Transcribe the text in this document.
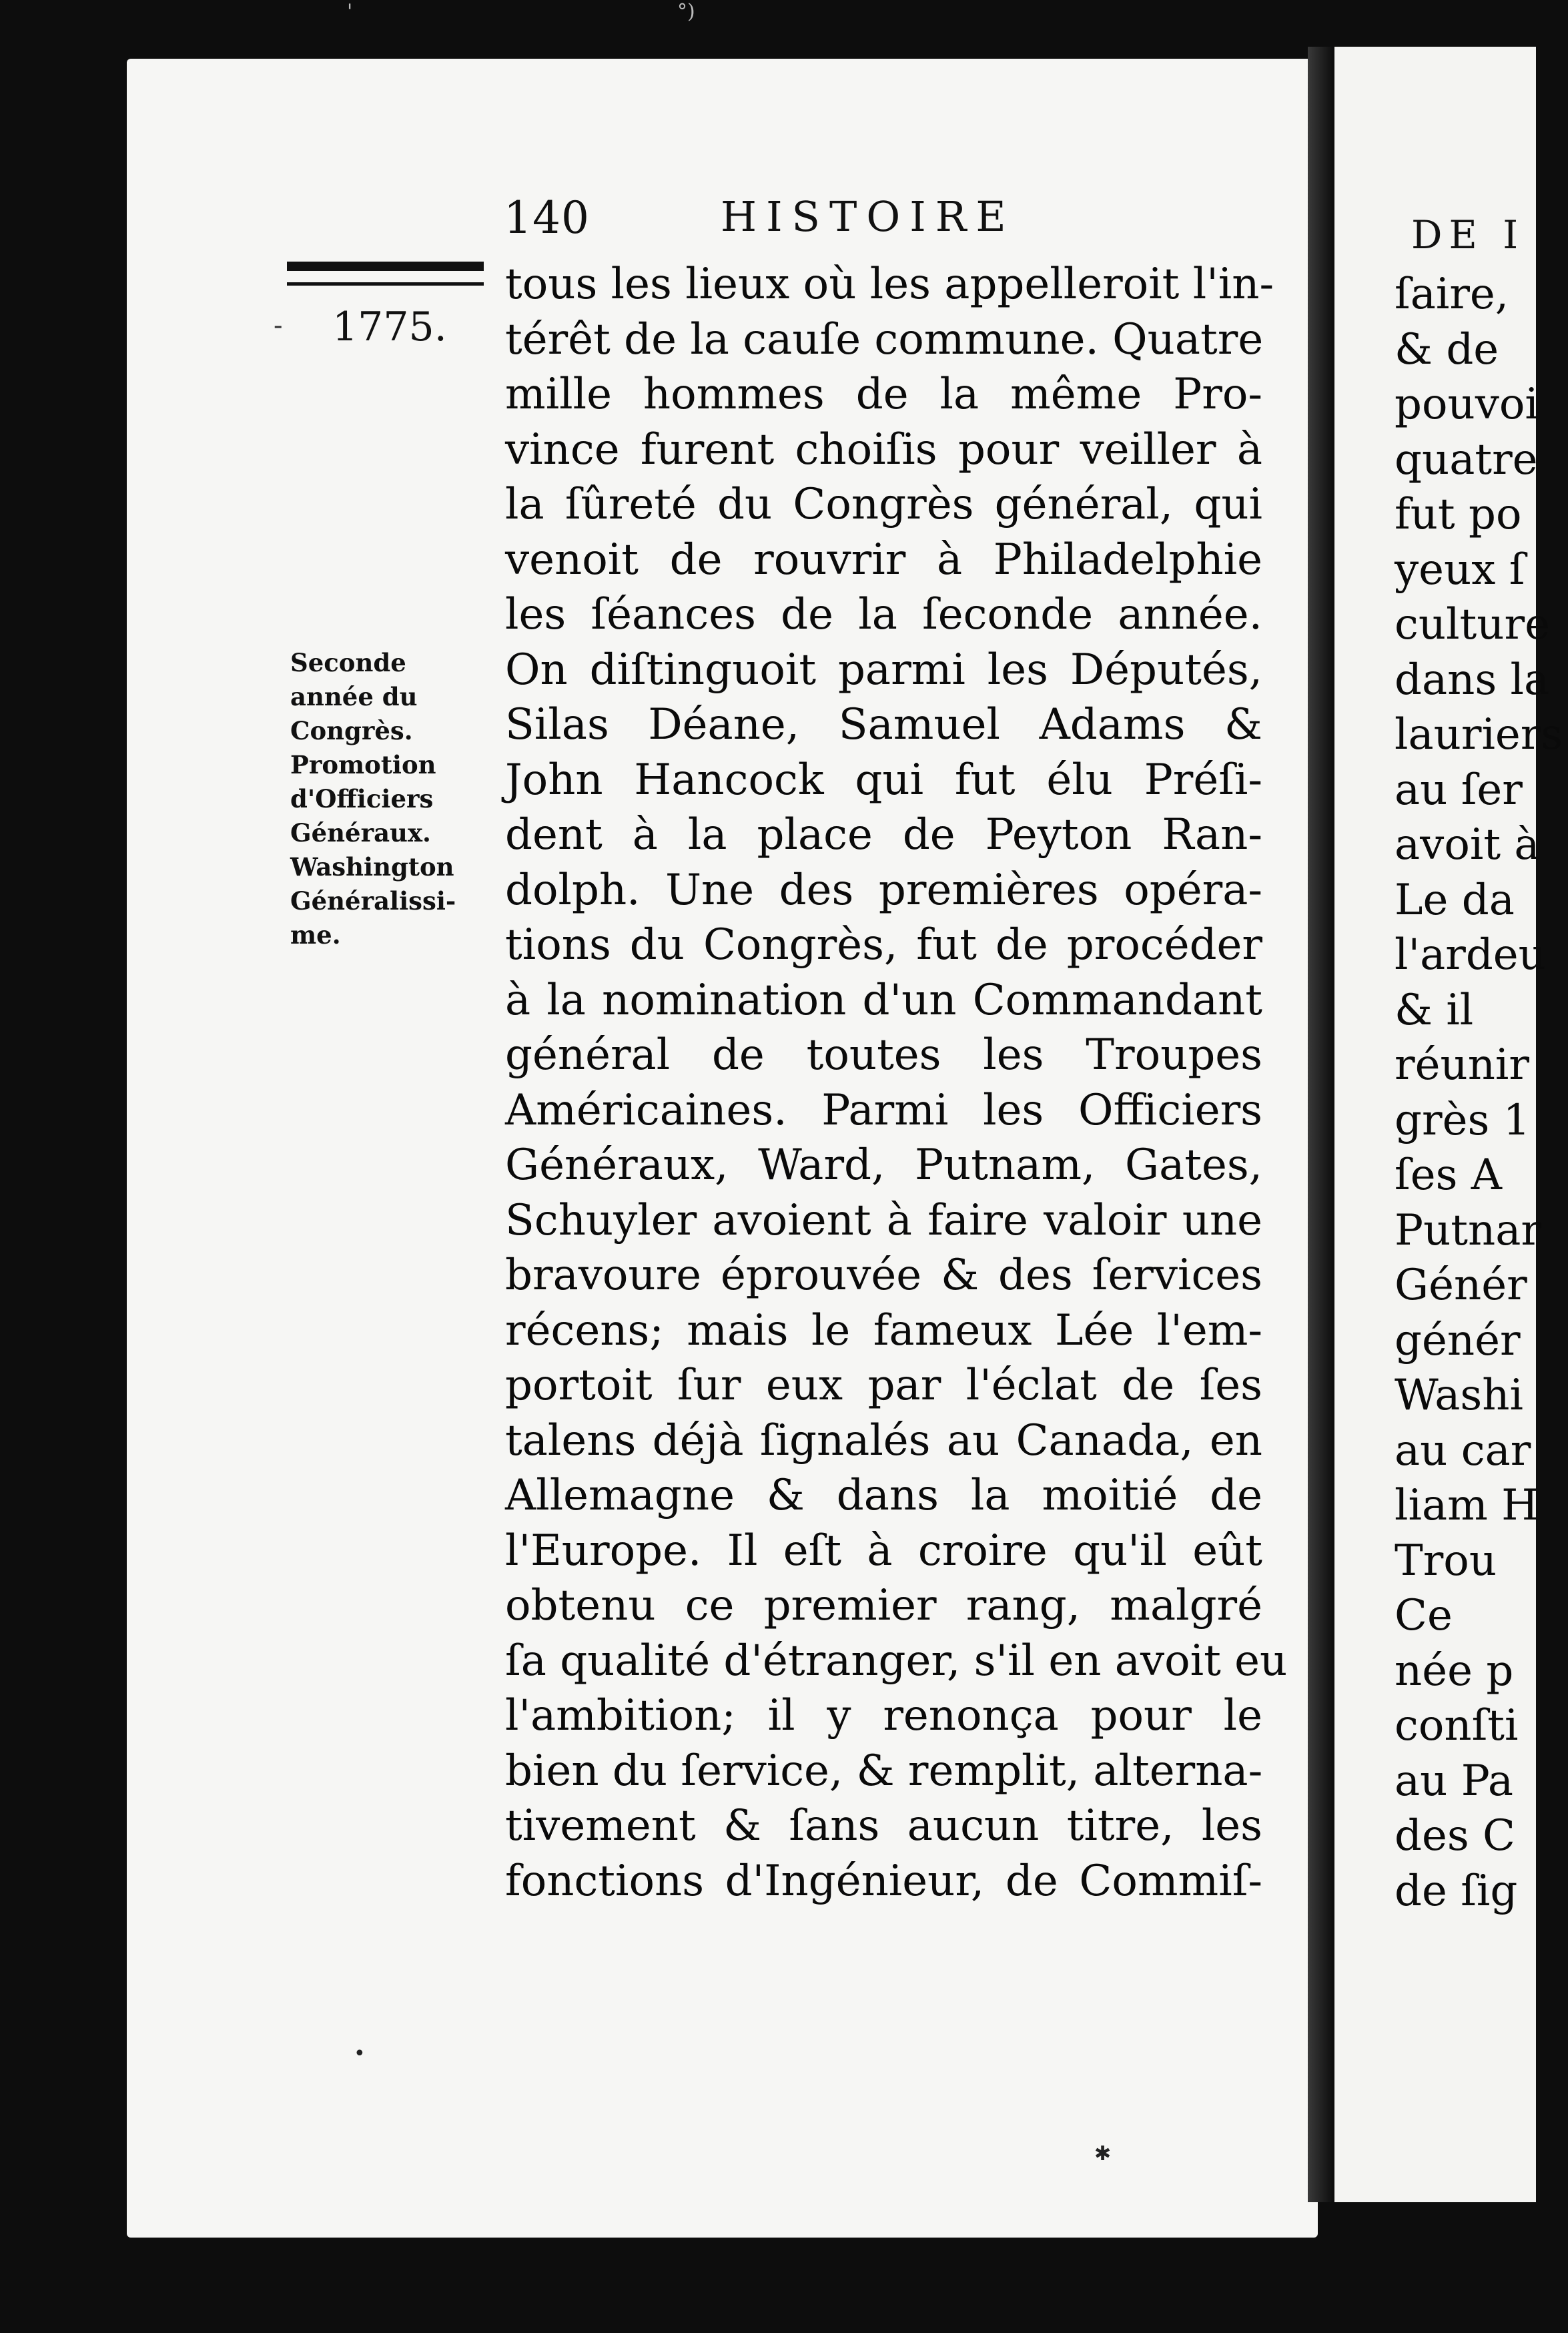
'	°)
140	HISTOIRE
- 1775.
Seconde
année du
Congrès.
Promotion
d'Officiers
Généraux.
Washington
Généralissi-
me.
tous les lieux où les appelleroit l'in-
térêt de la cauſe commune. Quatre
mille hommes de la même Pro-
vince furent choiſis pour veiller à
la ſûreté du Congrès général, qui
venoit de rouvrir à Philadelphie
les ſéances de la ſeconde année.
On diſtinguoit parmi les Députés,
Silas Déane, Samuel Adams &
John Hancock qui fut élu Préſi-
dent à la place de Peyton Ran-
dolph. Une des premières opéra-
tions du Congrès, fut de procéder
à la nomination d'un Commandant
général de toutes les Troupes
Américaines. Parmi les Officiers
Généraux, Ward, Putnam, Gates,
Schuyler avoient à faire valoir une
bravoure éprouvée & des ſervices
récens; mais le fameux Lée l'em-
portoit ſur eux par l'éclat de ſes
talens déjà ſignalés au Canada, en
Allemagne & dans la moitié de
l'Europe. Il eſt à croire qu'il eût
obtenu ce premier rang, malgré
ſa qualité d'étranger, s'il en avoit eu
l'ambition; il y renonça pour le
bien du ſervice, & remplit, alterna-
tivement & ſans aucun titre, les
fonctions d'Ingénieur, de Commiſ-
DE I
ſaire,
& de
pouvoi
quatre
fut po
yeux ſ
culture
dans la
lauriers
au ſer
avoit à
Le da
l'ardeu
& il
réunir
grès 1
ſes A
Putnar
Génér
génér
Washi
au car
liam H
Trou
Ce
née p
conſti
au Pa
des C
de ſig
•
✱
